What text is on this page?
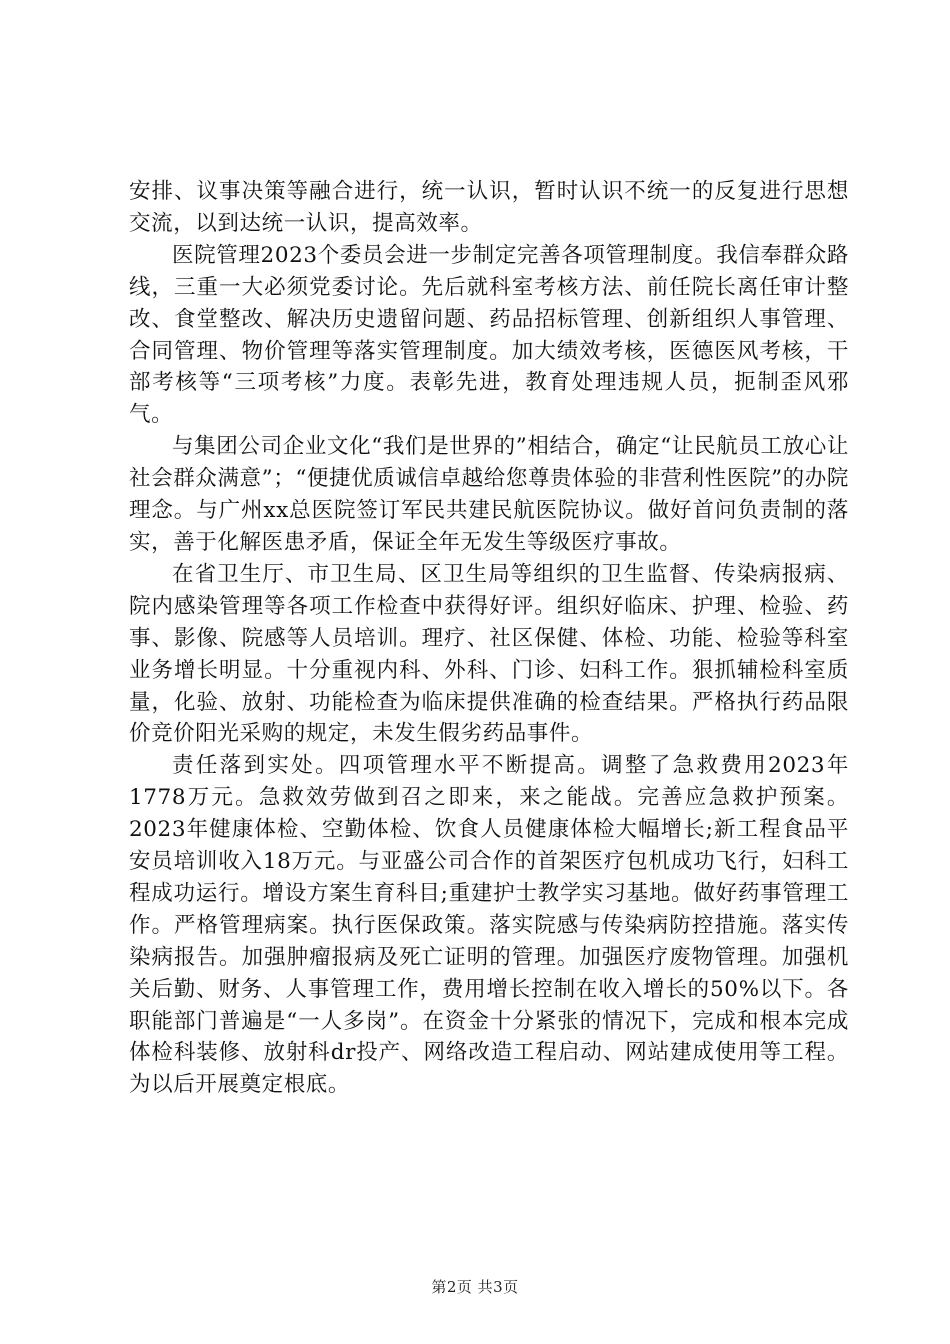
安排、议事决策等融合进行，统一认识，暂时认识不统一的反复进行思想交流，以到达统一认识，提高效率。

医院管理2023个委员会进一步制定完善各项管理制度。我信奉群众路线，三重一大必须党委讨论。先后就科室考核方法、前任院长离任审计整改、食堂整改、解决历史遗留问题、药品招标管理、创新组织人事管理、合同管理、物价管理等落实管理制度。加大绩效考核，医德医风考核，干部考核等“三项考核”力度。表彰先进，教育处理违规人员，扼制歪风邪气。

与集团公司企业文化“我们是世界的”相结合，确定“让民航员工放心让社会群众满意”；“便捷优质诚信卓越给您尊贵体验的非营利性医院”的办院理念。与广州xx总医院签订军民共建民航医院协议。做好首问负责制的落实，善于化解医患矛盾，保证全年无发生等级医疗事故。

在省卫生厅、市卫生局、区卫生局等组织的卫生监督、传染病报病、院内感染管理等各项工作检查中获得好评。组织好临床、护理、检验、药事、影像、院感等人员培训。理疗、社区保健、体检、功能、检验等科室业务增长明显。十分重视内科、外科、门诊、妇科工作。狠抓辅检科室质量，化验、放射、功能检查为临床提供准确的检查结果。严格执行药品限价竞价阳光采购的规定，未发生假劣药品事件。

责任落到实处。四项管理水平不断提高。调整了急救费用2023年1778万元。急救效劳做到召之即来，来之能战。完善应急救护预案。2023年健康体检、空勤体检、饮食人员健康体检大幅增长;新工程食品平安员培训收入18万元。与亚盛公司合作的首架医疗包机成功飞行，妇科工程成功运行。增设方案生育科目;重建护士教学实习基地。做好药事管理工作。严格管理病案。执行医保政策。落实院感与传染病防控措施。落实传染病报告。加强肿瘤报病及死亡证明的管理。加强医疗废物管理。加强机关后勤、财务、人事管理工作，费用增长控制在收入增长的50%以下。各职能部门普遍是“一人多岗”。在资金十分紧张的情况下，完成和根本完成体检科装修、放射科dr投产、网络改造工程启动、网站建成使用等工程。为以后开展奠定根底。

第2页 共3页
